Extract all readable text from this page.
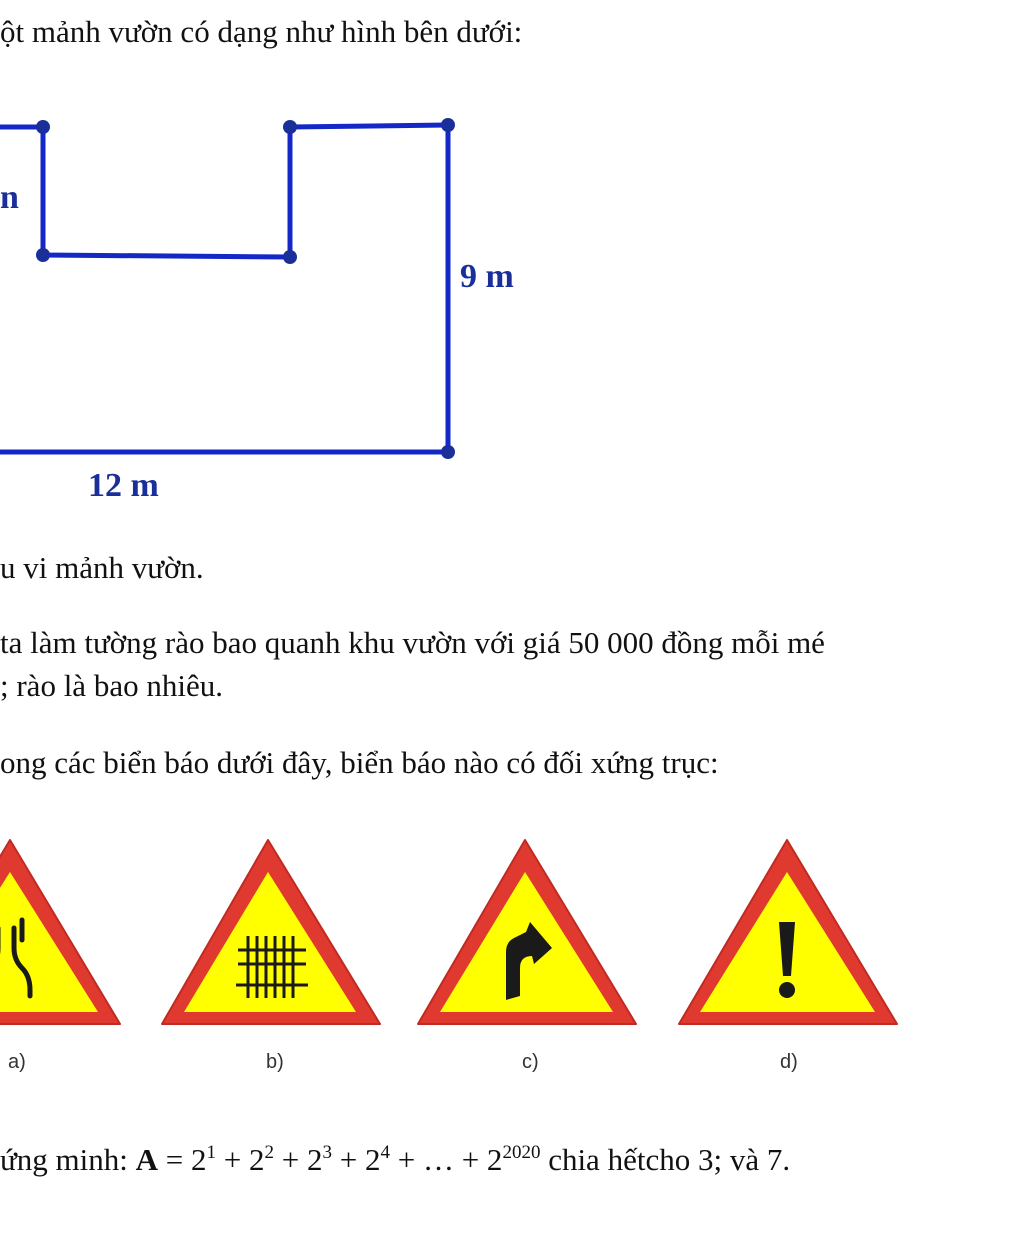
ột mảnh vườn có dạng như hình bên dưới:
n
9 m
12 m
a)	b)	c)	d)
u vi mảnh vườn.
ta làm tường rào bao quanh khu vườn với giá 50 000 đồng mỗi mé
; rào là bao nhiêu.
ong các biển báo dưới đây, biển báo nào có đối xứng trục:
ứng minh: $A = 2^1 + 2^2 + 2^3 + 2^4$ + … + $2^{2020}$ chia hếtcho 3; và 7.
